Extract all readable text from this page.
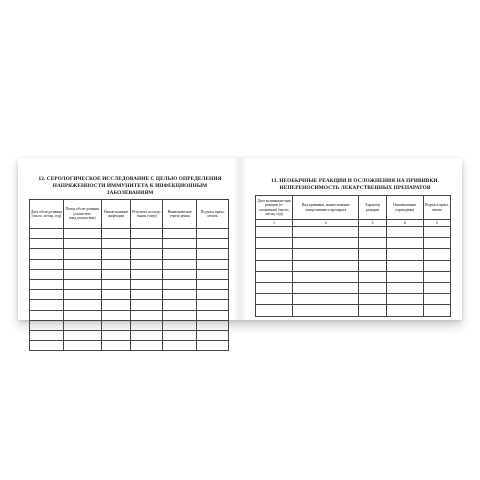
12. СЕРОЛОГИЧЕСКОЕ ИССЛЕДОВАНИЕ С ЦЕЛЬЮ ОПРЕДЕЛЕНИЯ
НАПРЯЖЕННОСТИ ИММУНИТЕТА К ИНФЕКЦИОННЫМ
ЗАБОЛЕВАНИЯМ
Дата обследо-вания (число, месяц, год)	Повод обсле-дования (плано-вое, эпид.показа-ния)	Наиме-нование инфекции	Результат исследо-вания (титр)	Наименова-ние учреж-дения	Подпись врача, печать

13. НЕОБЫЧНЫЕ РЕАКЦИИ И ОСЛОЖНЕНИЯ НА ПРИВИВКИ.
НЕПЕРЕНОСИМОСТЬ ЛЕКАРСТВЕННЫХ ПРЕПАРАТОВ
Дата возникнове-ния реакции (о-сложнения) (число, месяц, год)	Вид прививки, наиме-нование лекарственного препарата	Характер реакции	Наименование учреждения	Подпись врача, печать
1	2	3	4	5
